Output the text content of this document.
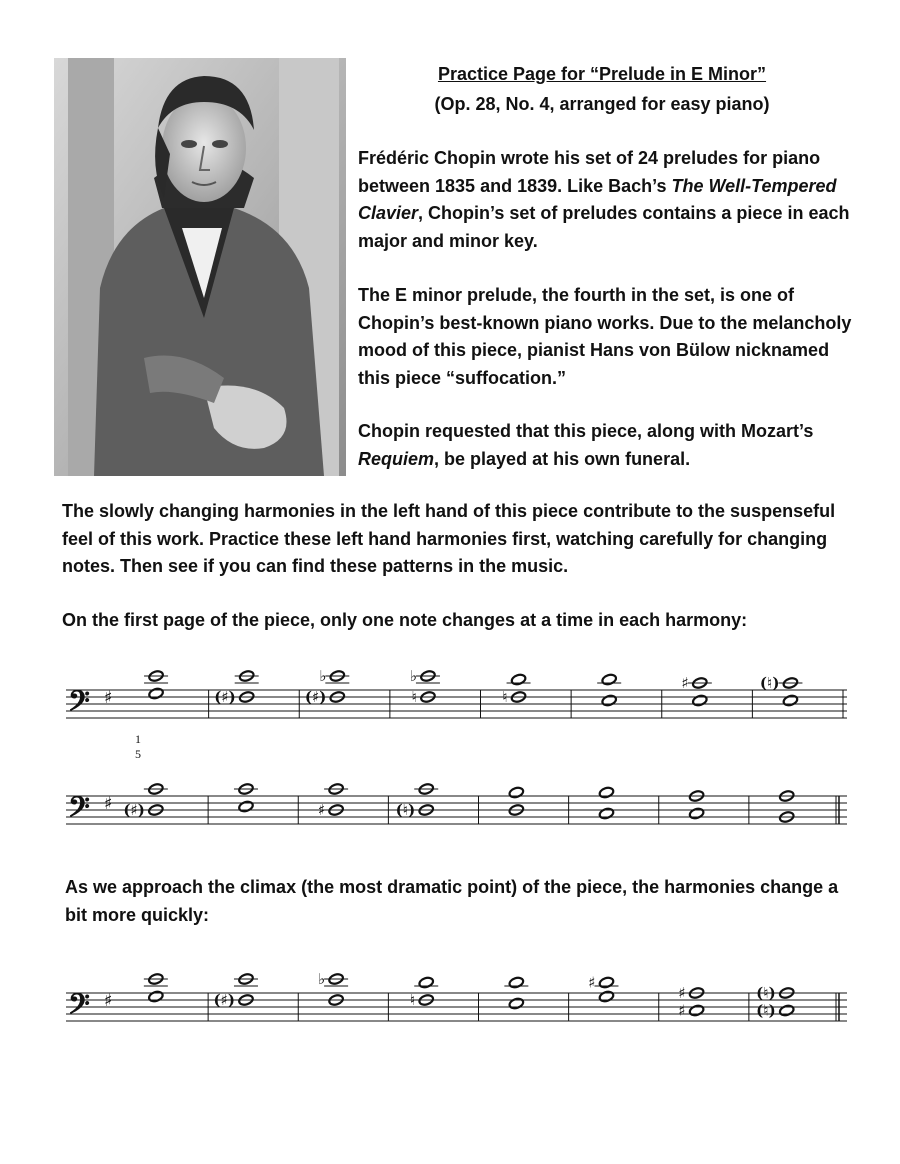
Practice Page for “Prelude in E Minor”
(Op. 28, No. 4, arranged for easy piano)

Frédéric Chopin wrote his set of 24 preludes for piano between 1835 and 1839. Like Bach’s The Well-Tempered Clavier, Chopin’s set of preludes contains a piece in each major and minor key.

The E minor prelude, the fourth in the set, is one of Chopin’s best-known piano works. Due to the melancholy mood of this piece, pianist Hans von Bülow nicknamed this piece “suffocation.”

Chopin requested that this piece, along with Mozart’s Requiem, be played at his own funeral.

The slowly changing harmonies in the left hand of this piece contribute to the suspenseful feel of this work. Practice these left hand harmonies first, watching carefully for changing notes. Then see if you can find these patterns in the music.

On the first page of the piece, only one note changes at a time in each harmony:

As we approach the climax (the most dramatic point) of the piece, the harmonies change a bit more quickly:

𝄢 ♯	(♯)	(♯)
♭
♮
♭
♮
♯	(♮)
1
5
𝄢 ♯ (♯)	♯	(♮)
𝄢 ♯	(♯)
♭
♮
♯
♯
♯
(♮)
(♮)
